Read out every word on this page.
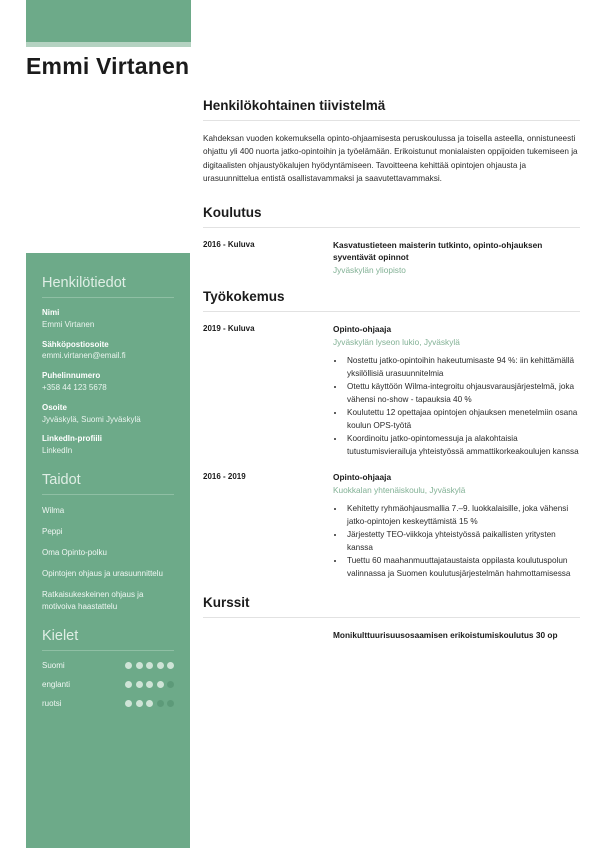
Emmi Virtanen
Henkilötiedot
Nimi
Emmi Virtanen
Sähköpostiosoite
emmi.virtanen@email.fi
Puhelinnumero
+358 44 123 5678
Osoite
Jyväskylä, Suomi Jyväskylä
LinkedIn-profiili
LinkedIn
Taidot
Wilma
Peppi
Oma Opinto-polku
Opintojen ohjaus ja urasuunnittelu
Ratkaisukeskeinen ohjaus ja motivoiva haastattelu
Kielet
Suomi
englanti
ruotsi
Henkilökohtainen tiivistelmä
Kahdeksan vuoden kokemuksella opinto-ohjaamisesta peruskoulussa ja toisella asteella, onnistuneesti ohjattu yli 400 nuorta jatko-opintoihin ja työelämään. Erikoistunut monialaisten oppijoiden tukemiseen ja digitaalisten ohjaustyökalujen hyödyntämiseen. Tavoitteena kehittää opintojen ohjausta ja urasuunnittelua entistä osallistavammaksi ja saavutettavammaksi.
Koulutus
2016 - Kuluva	Kasvatustieteen maisterin tutkinto, opinto-ohjauksen syventävät opinnot
Jyväskylän yliopisto
Työkokemus
2019 - Kuluva	Opinto-ohjaaja
Jyväskylän lyseon lukio, Jyväskylä
• Nostettu jatko-opintoihin hakeutumisaste 94 %: iin kehittämällä yksilöllisiä urasuunnitelmia
• Otettu käyttöön Wilma-integroitu ohjausvarausjärjestelmä, joka vähensi no-show - tapauksia 40 %
• Koulutettu 12 opettajaa opintojen ohjauksen menetelmiin osana koulun OPS-työtä
• Koordinoitu jatko-opintomessuja ja alakohtaisia tutustumisvierailuja yhteistyössä ammattikorkeakoulujen kanssa
2016 - 2019	Opinto-ohjaaja
Kuokkalan yhtenäiskoulu, Jyväskylä
• Kehitetty ryhmäohjausmallia 7.–9. luokkalaisille, joka vähensi jatko-opintojen keskeyttämistä 15 %
• Järjestetty TEO-viikkoja yhteistyössä paikallisten yritysten kanssa
• Tuettu 60 maahanmuuttajataustaista oppilasta koulutuspolun valinnassa ja Suomen koulutusjärjestelmän hahmottamisessa
Kurssit
Monikulttuurisuusosaamisen erikoistumiskoulutus 30 op
